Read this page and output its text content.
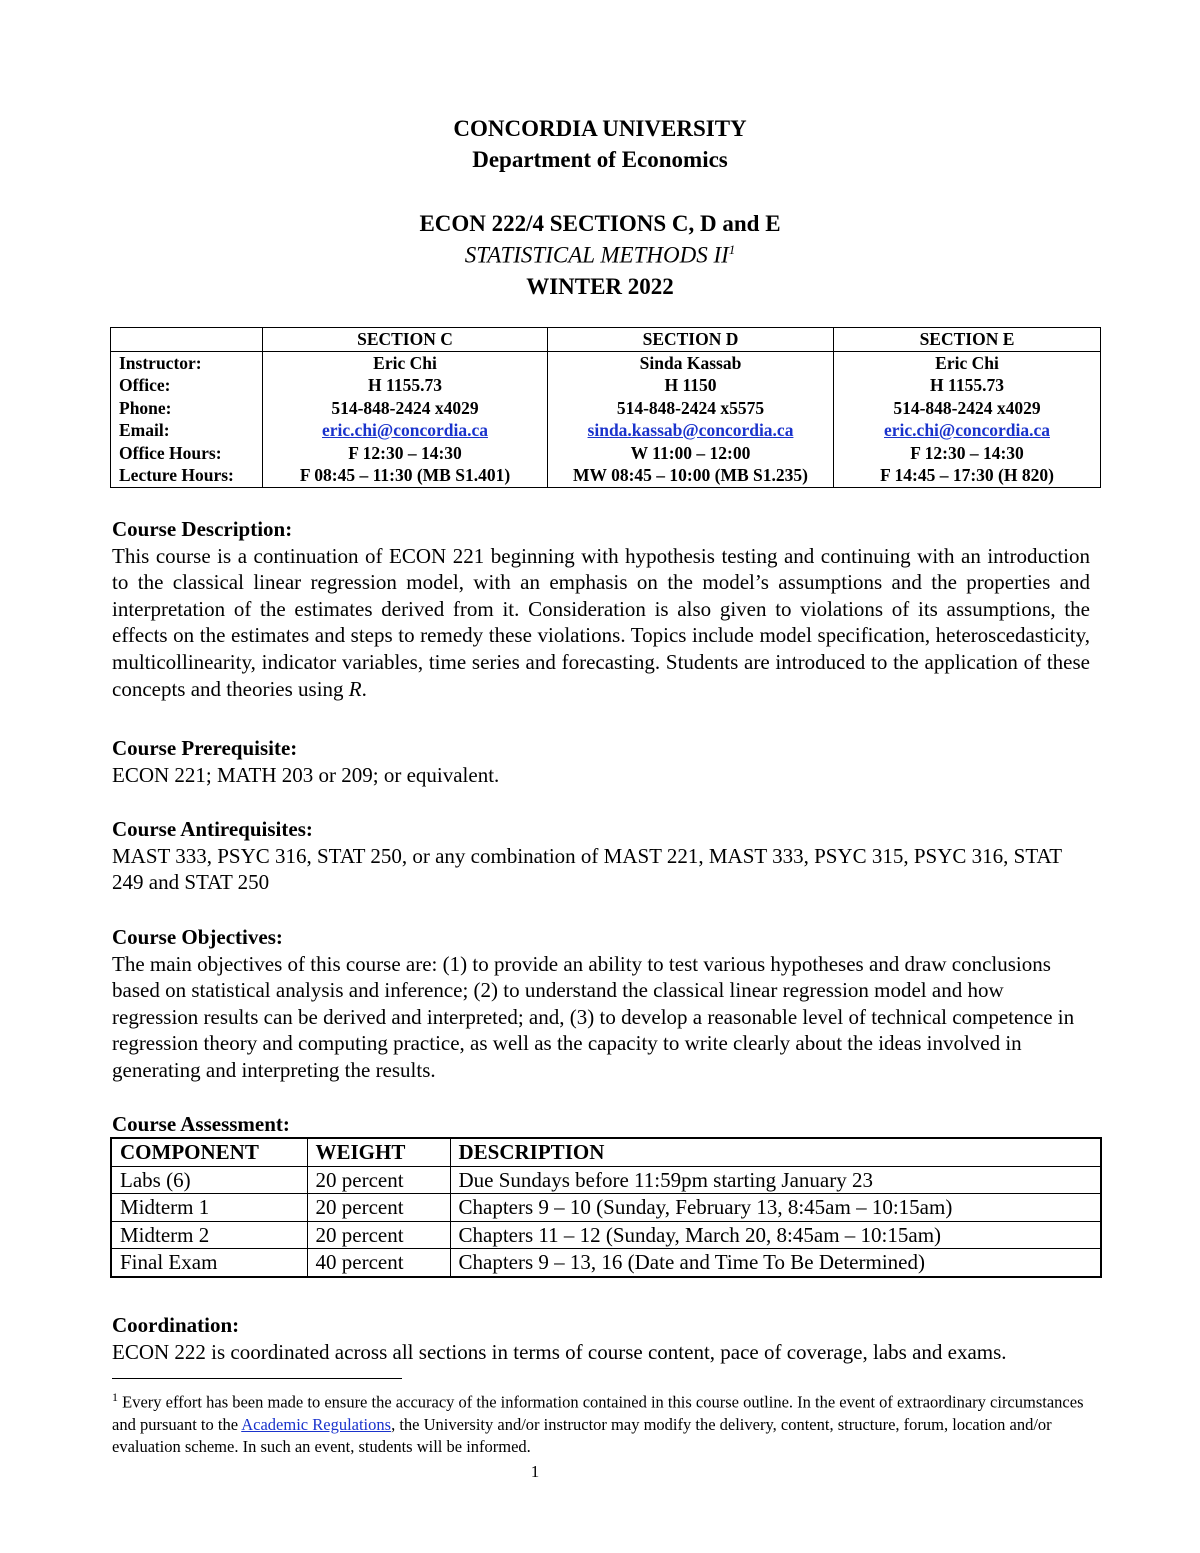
CONCORDIA UNIVERSITY
Department of Economics
ECON 222/4 SECTIONS C, D and E
STATISTICAL METHODS $II^1$
WINTER 2022
	SECTION C	SECTION D	SECTION E
Instructor:	Eric Chi	Sinda Kassab	Eric Chi
Office:	H 1155.73	H 1150	H 1155.73
Phone:	514-848-2424 x4029	514-848-2424 x5575	514-848-2424 x4029
Email:	eric.chi@concordia.ca	sinda.kassab@concordia.ca	eric.chi@concordia.ca
Office Hours:	F 12:30 – 14:30	W 11:00 – 12:00	F 12:30 – 14:30
Lecture Hours:	F 08:45 – 11:30 (MB S1.401)	MW 08:45 – 10:00 (MB S1.235)	F 14:45 – 17:30 (H 820)
Course Description:
This course is a continuation of ECON 221 beginning with hypothesis testing and continuing with an introduction to the classical linear regression model, with an emphasis on the model’s assumptions and the properties and interpretation of the estimates derived from it. Consideration is also given to violations of its assumptions, the effects on the estimates and steps to remedy these violations. Topics include model specification, heteroscedasticity, multicollinearity, indicator variables, time series and forecasting. Students are introduced to the application of these concepts and theories using R.
Course Prerequisite:
ECON 221; MATH 203 or 209; or equivalent.
Course Antirequisites:
MAST 333, PSYC 316, STAT 250, or any combination of MAST 221, MAST 333, PSYC 315, PSYC 316, STAT 249 and STAT 250
Course Objectives:
The main objectives of this course are: (1) to provide an ability to test various hypotheses and draw conclusions based on statistical analysis and inference; (2) to understand the classical linear regression model and how regression results can be derived and interpreted; and, (3) to develop a reasonable level of technical competence in regression theory and computing practice, as well as the capacity to write clearly about the ideas involved in generating and interpreting the results.
Course Assessment:
COMPONENT	WEIGHT	DESCRIPTION
Labs (6)	20 percent	Due Sundays before 11:59pm starting January 23
Midterm 1	20 percent	Chapters 9 – 10 (Sunday, February 13, 8:45am – 10:15am)
Midterm 2	20 percent	Chapters 11 – 12 (Sunday, March 20, 8:45am – 10:15am)
Final Exam	40 percent	Chapters 9 – 13, 16 (Date and Time To Be Determined)
Coordination:
ECON 222 is coordinated across all sections in terms of course content, pace of coverage, labs and exams.
$^1$ Every effort has been made to ensure the accuracy of the information contained in this course outline. In the event of extraordinary circumstances and pursuant to the Academic Regulations, the University and/or instructor may modify the delivery, content, structure, forum, location and/or evaluation scheme. In such an event, students will be informed.
1
